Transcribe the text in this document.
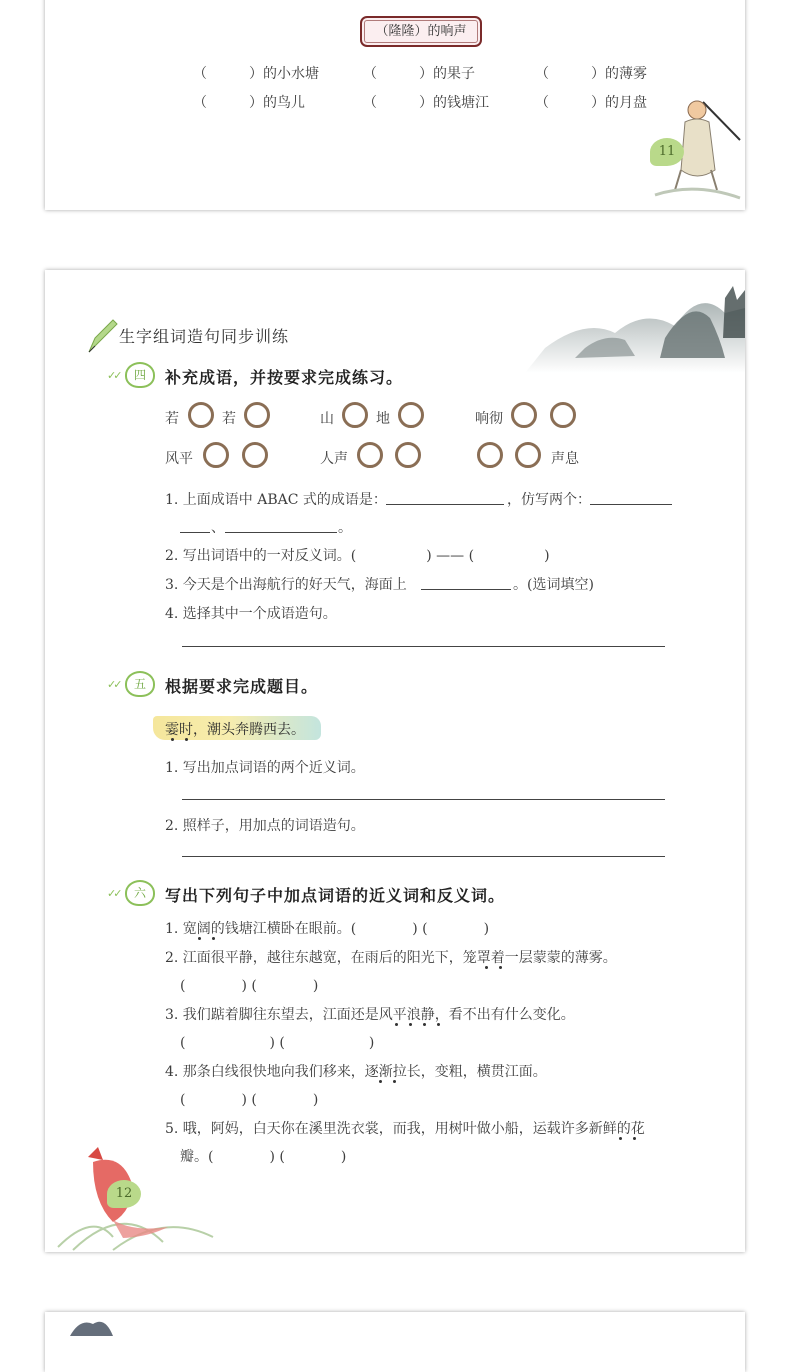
（隆隆）的响声
（　　　）的小水塘	（　　　）的果子	（　　　）的薄雾
（　　　）的鸟儿	（　　　）的钱塘江	（　　　）的月盘
11
生字组词造句同步训练
✓✓	四	补充成语，并按要求完成练习。
若	若	山	地	响彻
风平	人声	声息
1. 上面成语中 ABAC 式的成语是：	，仿写两个：
、	。
2. 写出词语中的一对反义词。(　　　　　) —— (　　　　　)
3. 今天是个出海航行的好天气，海面上	。(选词填空)
4. 选择其中一个成语造句。
✓✓	五	根据要求完成题目。
霎时，潮头奔腾西去。
1. 写出加点词语的两个近义词。
2. 照样子，用加点的词语造句。
✓✓	六	写出下列句子中加点词语的近义词和反义词。
1. 宽阔的钱塘江横卧在眼前。(　　　　) (　　　　)
2. 江面很平静，越往东越宽，在雨后的阳光下，笼罩着一层蒙蒙的薄雾。
(　　　　) (　　　　)
3. 我们踮着脚往东望去，江面还是风平浪静，看不出有什么变化。
(　　　　　　) (　　　　　　)
4. 那条白线很快地向我们移来，逐渐拉长，变粗，横贯江面。
(　　　　) (　　　　)
5. 哦，阿妈，白天你在溪里洗衣裳，而我，用树叶做小船，运载许多新鲜的花
瓣。(　　　　) (　　　　)
12
